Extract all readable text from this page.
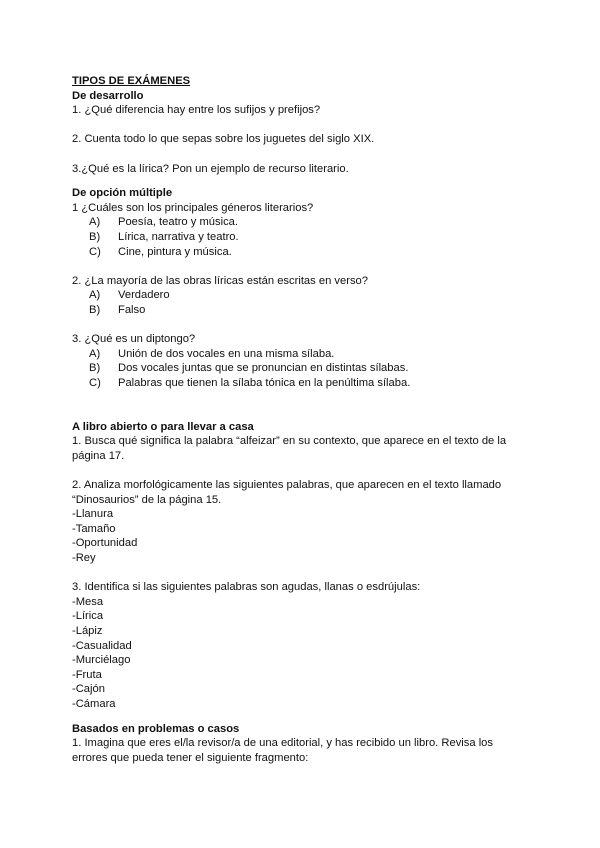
TIPOS DE EXÁMENES
De desarrollo
1. ¿Qué diferencia hay entre los sufijos y prefijos?
2. Cuenta todo lo que sepas sobre los juguetes del siglo XIX.
3.¿Qué es la lírica? Pon un ejemplo de recurso literario.
De opción múltiple
1 ¿Cuáles son los principales géneros literarios?
A)	Poesía, teatro y música.
B)	Lírica, narrativa y teatro.
C)	Cine, pintura y música.
2. ¿La mayoría de las obras líricas están escritas en verso?
A)	Verdadero
B)	Falso
3. ¿Qué es un diptongo?
A)	Unión de dos vocales en una misma sílaba.
B)	Dos vocales juntas que se pronuncian en distintas sílabas.
C)	Palabras que tienen la sílaba tónica en la penúltima sílaba.
A libro abierto o para llevar a casa
1. Busca qué significa la palabra “alfeizar” en su contexto, que aparece en el texto de la
página 17.
2. Analiza morfológicamente las siguientes palabras, que aparecen en el texto llamado
“Dinosaurios” de la página 15.
-Llanura
-Tamaño
-Oportunidad
-Rey
3. Identifica si las siguientes palabras son agudas, llanas o esdrújulas:
-Mesa
-Lírica
-Lápiz
-Casualidad
-Murciélago
-Fruta
-Cajón
-Cámara
Basados en problemas o casos
1. Imagina que eres el/la revisor/a de una editorial, y has recibido un libro. Revisa los
errores que pueda tener el siguiente fragmento:
